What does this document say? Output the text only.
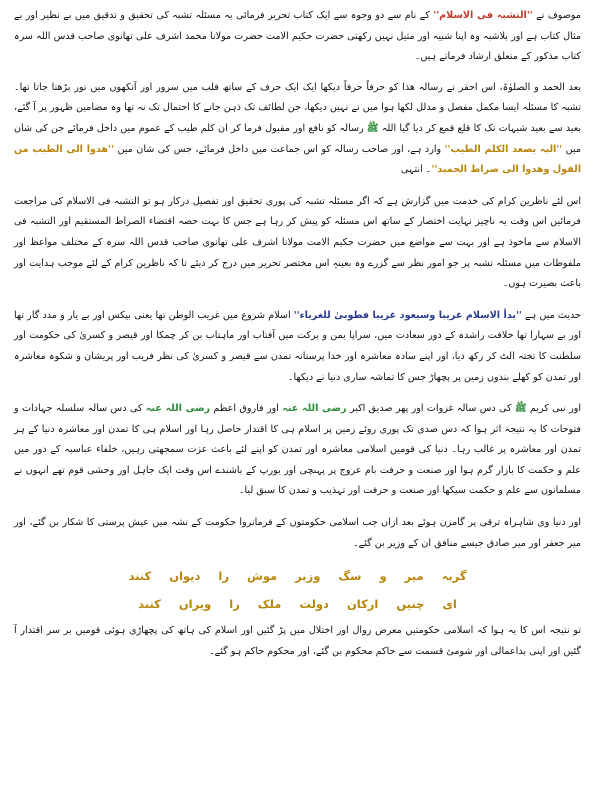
موصوف نے ''التشبہ فی الاسلام'' کے نام سے دو وجوہ سے ایک کتاب تحریر فرمائی یہ مسئلہ تشبہ کی تحقیق و تدقیق میں بے نظیر اور بے مثال کتاب ہے اور بلاشبہ وہ اپنا شبیہ اور مثیل نہیں رکھتی حضرت حکیم الامت حضرت مولانا محمد اشرف علی تھانوی صاحب قدس اللہ سرہ کتاب مذکور کے متعلق ارشاد فرماتے ہیں۔

بعد الحمد و الصلوٰۃ، اس احقر نے رسالہ ھذا کو حرفاً حرفاً دیکھا ایک ایک حرف کے ساتھ قلب میں سرور اور آنکھوں میں نور بڑھتا جاتا تھا۔ تشبہ کا مسئلہ ایسا مکمل مفصل و مدلل لکھا ہوا میں نے نہیں دیکھا، جن لطائف تک ذہن جانے کا احتمال تک نہ تھا وہ مضامین ظہور پر آ گئے، بعید سے بعید شبہات تک کا قلع قمع کر دیا گیا اللہ ﷺ رسالہ کو نافع اور مقبول فرما کر ان کلم طیب کے عموم میں داخل فرمائے جن کی شان میں ''الیہ یصعد الکلم الطیب'' وارد ہے، اور صاحب رسالہ کو اس جماعت میں داخل فرمائے، جس کی شان میں ''ھدوا الی الطیب من القول وھدوا الی صراط الحمید''۔ انتہی

اس لئے ناظرین کرام کی خدمت میں گزارش ہے کہ اگر مسئلہ تشبہ کی پوری تحقیق اور تفصیل درکار ہو تو التشبہ فی الاسلام کی مراجعت فرمائیں اس وقت یہ ناچیز نہایت اختصار کے ساتھ اس مسئلہ کو پیش کر رہا ہے جس کا بہت حصہ اقتضاء الصراط المستقیم اور التشبہ فی الاسلام سے ماخوذ ہے اور بہت سے مواضع میں حضرت حکیم الامت مولانا اشرف علی تھانوی صاحب قدس اللہ سرہ کے مختلف مواعظ اور ملفوظات میں مسئلہ تشبہ پر جو امور نظر سے گزرے وہ بعینہٖ اس مختصر تحریر میں درج کر دیئے تا کہ ناظرین کرام کے لئے موجب ہدایت اور باعث بصیرت ہوں۔

حدیث میں ہے ''بدأ الاسلام غریبا وسیعود غریبا فطوبیٰ للغرباء'' اسلام شروع میں غریب الوطن تھا یعنی بیکس اور بے یار و مدد گار تھا اور بے سہارا تھا خلافت راشدہ کے دور سعادت میں، سراپا یمن و برکت میں آفتاب اور ماہتاب بن کر چمکا اور قیصر و کسریٰ کی حکومت اور سلطنت کا تختہ الٹ کر رکھ دیا، اور اپنے سادہ معاشرہ اور خدا پرستانہ تمدن سے قیصر و کسریٰ کی نظر فریب اور پریشان و شکوہ معاشرہ اور تمدن کو کھلے بندوں زمین پر پچھاڑ جس کا تماشہ ساری دنیا نے دیکھا۔

اور نبی کریم ﷺ کی دس سالہ غزوات اور پھر صدیق اکبر رضی اللہ عنہ اور فاروق اعظم رضی اللہ عنہ کی دس سالہ سلسلہ جہادات و فتوحات کا یہ نتیجہ اثر ہوا کہ دس صدی تک پوری روئے زمین پر اسلام ہی کا اقتدار حاصل رہا اور اسلام ہی کا تمدن اور معاشرہ دنیا کے ہر تمدن اور معاشرہ پر غالب رہا۔ دنیا کی قومیں اسلامی معاشرہ اور تمدن کو اپنے لئے باعث عزت سمجھتی رہیں، خلفاء عباسیہ کے دور میں علم و حکمت کا بازار گرم ہوا اور صنعت و حرفت بام عروج پر پہنچی اور یورپ کے باشندے اس وقت ایک جاہل اور وحشی قوم تھے انہوں نے مسلمانوں سے علم و حکمت سیکھا اور صنعت و حرفت اور تہذیب و تمدن کا سبق لیا۔

اور دنیا وی شاہراہ ترقی پر گامزن ہوئے بعد ازاں جب اسلامی حکومتوں کے فرمانروا حکومت کے نشہ میں عیش پرستی کا شکار بن گئے، اور میر جعفر اور میر صادق جیسے منافق ان کے وزیر بن گئے۔

گربہ میر و سگ وزیر موش را دیواں کنند
ای چنیں ارکان دولت ملک را ویراں کنند

تو نتیجہ اس کا یہ ہوا کہ اسلامی حکومتیں معرض زوال اور اختلال میں پڑ گئیں اور اسلام کی ہاتھ کی پچھاڑی ہوئی قومیں بر سر اقتدار آ گئیں اور اپنی بداعمالی اور شومئ قسمت سے حاکم محکوم بن گئے، اور محکوم حاکم ہو گئے۔
